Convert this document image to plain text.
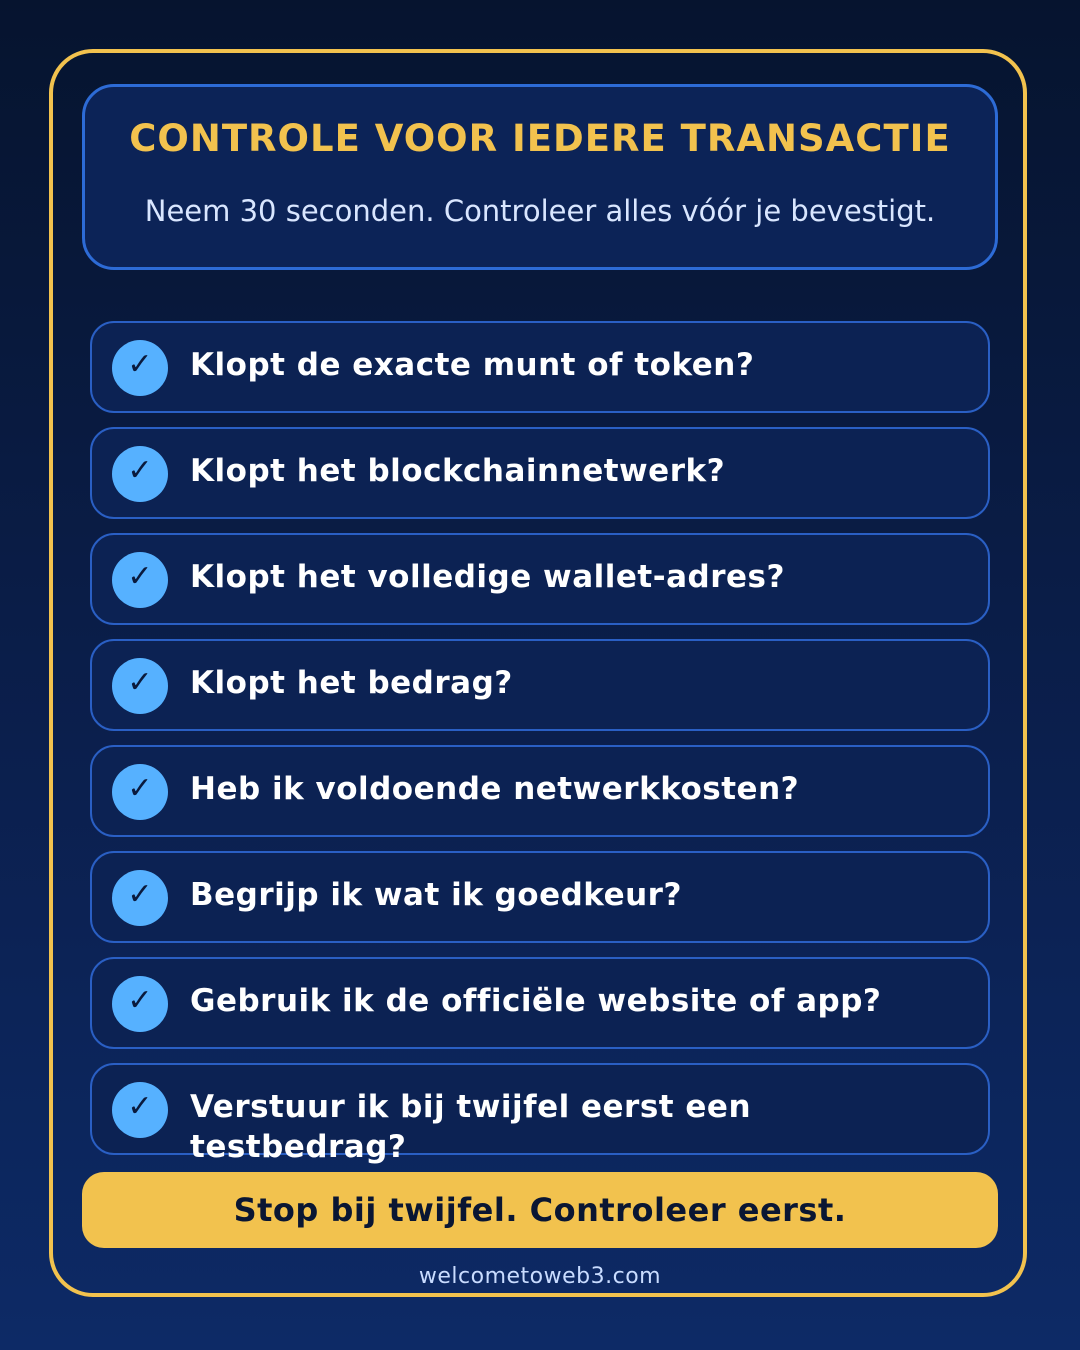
CONTROLE VOOR IEDERE TRANSACTIE
Neem 30 seconden. Controleer alles vóór je bevestigt.
✓	Klopt de exacte munt of token?
✓	Klopt het blockchainnetwerk?
✓	Klopt het volledige wallet-adres?
✓	Klopt het bedrag?
✓	Heb ik voldoende netwerkkosten?
✓	Begrijp ik wat ik goedkeur?
✓	Gebruik ik de officiële website of app?
✓	Verstuur ik bij twijfel eerst een testbedrag?
Stop bij twijfel. Controleer eerst.
welcometoweb3.com
